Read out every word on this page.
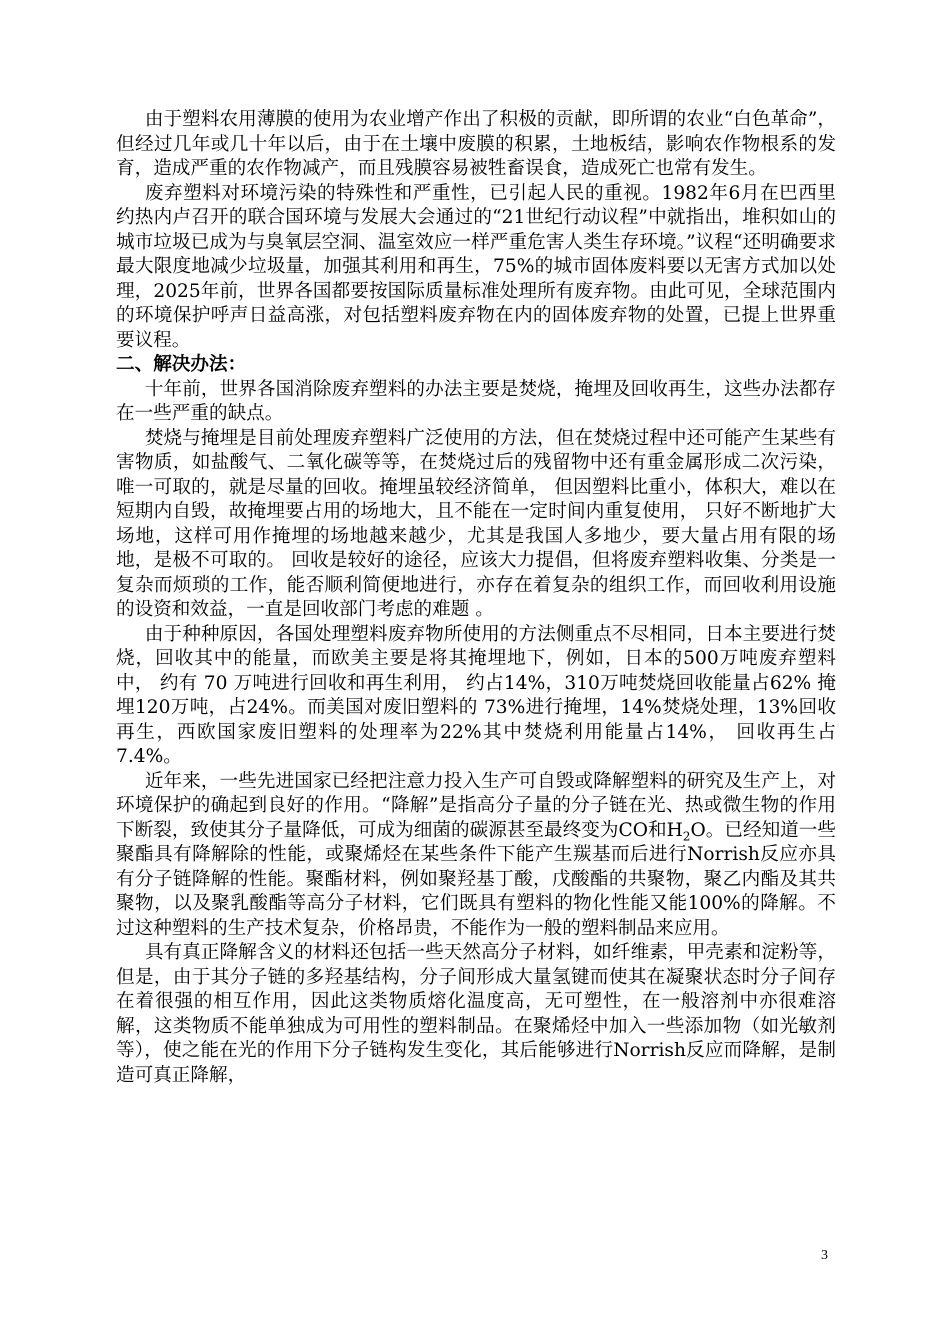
由于塑料农用薄膜的使用为农业增产作出了积极的贡献，即所谓的农业“白色革命”，但经过几年或几十年以后，由于在土壤中废膜的积累，土地板结，影响农作物根系的发育，造成严重的农作物减产，而且残膜容易被牲畜误食，造成死亡也常有发生。

废弃塑料对环境污染的特殊性和严重性，已引起人民的重视。1982年6月在巴西里约热内卢召开的联合国环境与发展大会通过的“21世纪行动议程”中就指出，堆积如山的城市垃圾已成为与臭氧层空洞、温室效应一样严重危害人类生存环境。”议程“还明确要求最大限度地减少垃圾量，加强其利用和再生，75%的城市固体废料要以无害方式加以处理，2025年前，世界各国都要按国际质量标准处理所有废弃物。由此可见，全球范围内的环境保护呼声日益高涨，对包括塑料废弃物在内的固体废弃物的处置，已提上世界重要议程。

二、解决办法：

十年前，世界各国消除废弃塑料的办法主要是焚烧，掩埋及回收再生，这些办法都存在一些严重的缺点。

焚烧与掩埋是目前处理废弃塑料广泛使用的方法，但在焚烧过程中还可能产生某些有害物质，如盐酸气、二氧化碳等等，在焚烧过后的残留物中还有重金属形成二次污染，唯一可取的，就是尽量的回收。掩埋虽较经济简单， 但因塑料比重小，体积大，难以在短期内自毁，故掩埋要占用的场地大，且不能在一定时间内重复使用， 只好不断地扩大场地，这样可用作掩埋的场地越来越少，尤其是我国人多地少，要大量占用有限的场地，是极不可取的。 回收是较好的途径，应该大力提倡，但将废弃塑料收集、分类是一复杂而烦琐的工作，能否顺利简便地进行，亦存在着复杂的组织工作，而回收利用设施的设资和效益，一直是回收部门考虑的难题 。

由于种种原因，各国处理塑料废弃物所使用的方法侧重点不尽相同，日本主要进行焚烧，回收其中的能量，而欧美主要是将其掩埋地下，例如，日本的500万吨废弃塑料中， 约有 70 万吨进行回收和再生利用， 约占14%，310万吨焚烧回收能量占62% 掩埋120万吨，占24%。而美国对废旧塑料的 73%进行掩埋，14%焚烧处理，13%回收再生，西欧国家废旧塑料的处理率为22%其中焚烧利用能量占14%， 回收再生占7.4%。

近年来，一些先进国家已经把注意力投入生产可自毁或降解塑料的研究及生产上，对环境保护的确起到良好的作用。“降解”是指高分子量的分子链在光、热或微生物的作用下断裂，致使其分子量降低，可成为细菌的碳源甚至最终变为CO和$H_2O$。已经知道一些聚酯具有降解除的性能，或聚烯烃在某些条件下能产生羰基而后进行Norrish反应亦具有分子链降解的性能。聚酯材料，例如聚羟基丁酸，戊酸酯的共聚物，聚乙内酯及其共聚物，以及聚乳酸酯等高分子材料，它们既具有塑料的物化性能又能100%的降解。不过这种塑料的生产技术复杂，价格昂贵，不能作为一般的塑料制品来应用。

具有真正降解含义的材料还包括一些天然高分子材料，如纤维素，甲壳素和淀粉等，但是，由于其分子链的多羟基结构，分子间形成大量氢键而使其在凝聚状态时分子间存在着很强的相互作用，因此这类物质熔化温度高，无可塑性，在一般溶剂中亦很难溶解，这类物质不能单独成为可用性的塑料制品。在聚烯烃中加入一些添加物（如光敏剂等），使之能在光的作用下分子链构发生变化，其后能够进行Norrish反应而降解，是制造可真正降解，

3
